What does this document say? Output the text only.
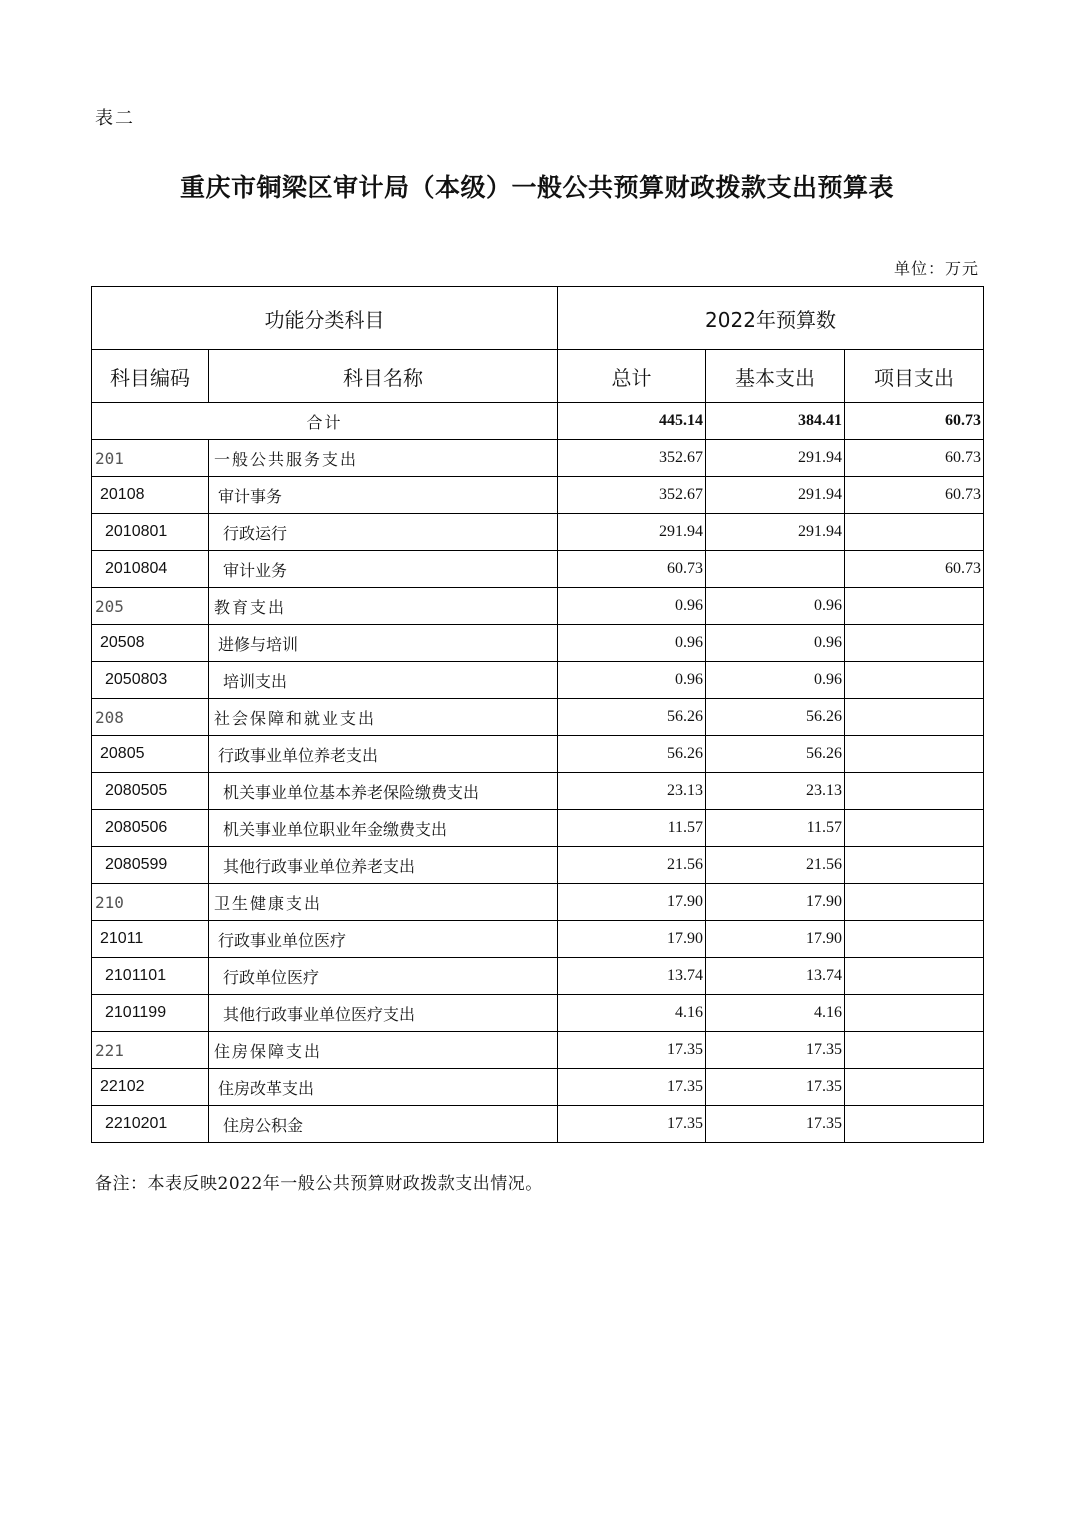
表二
重庆市铜梁区审计局（本级）一般公共预算财政拨款支出预算表
单位：万元
功能分类科目		2022年预算数		
科目编码	科目名称	总计	基本支出	项目支出
合计		445.14	384.41	60.73
201	一般公共服务支出	352.67	291.94	60.73
20108	审计事务	352.67	291.94	60.73
2010801	行政运行	291.94	291.94	
2010804	审计业务	60.73		60.73
205	教育支出	0.96	0.96	
20508	进修与培训	0.96	0.96	
2050803	培训支出	0.96	0.96	
208	社会保障和就业支出	56.26	56.26	
20805	行政事业单位养老支出	56.26	56.26	
2080505	机关事业单位基本养老保险缴费支出	23.13	23.13	
2080506	机关事业单位职业年金缴费支出	11.57	11.57	
2080599	其他行政事业单位养老支出	21.56	21.56	
210	卫生健康支出	17.90	17.90	
21011	行政事业单位医疗	17.90	17.90	
2101101	行政单位医疗	13.74	13.74	
2101199	其他行政事业单位医疗支出	4.16	4.16	
221	住房保障支出	17.35	17.35	
22102	住房改革支出	17.35	17.35	
2210201	住房公积金	17.35	17.35	
备注：本表反映2022年一般公共预算财政拨款支出情况。
